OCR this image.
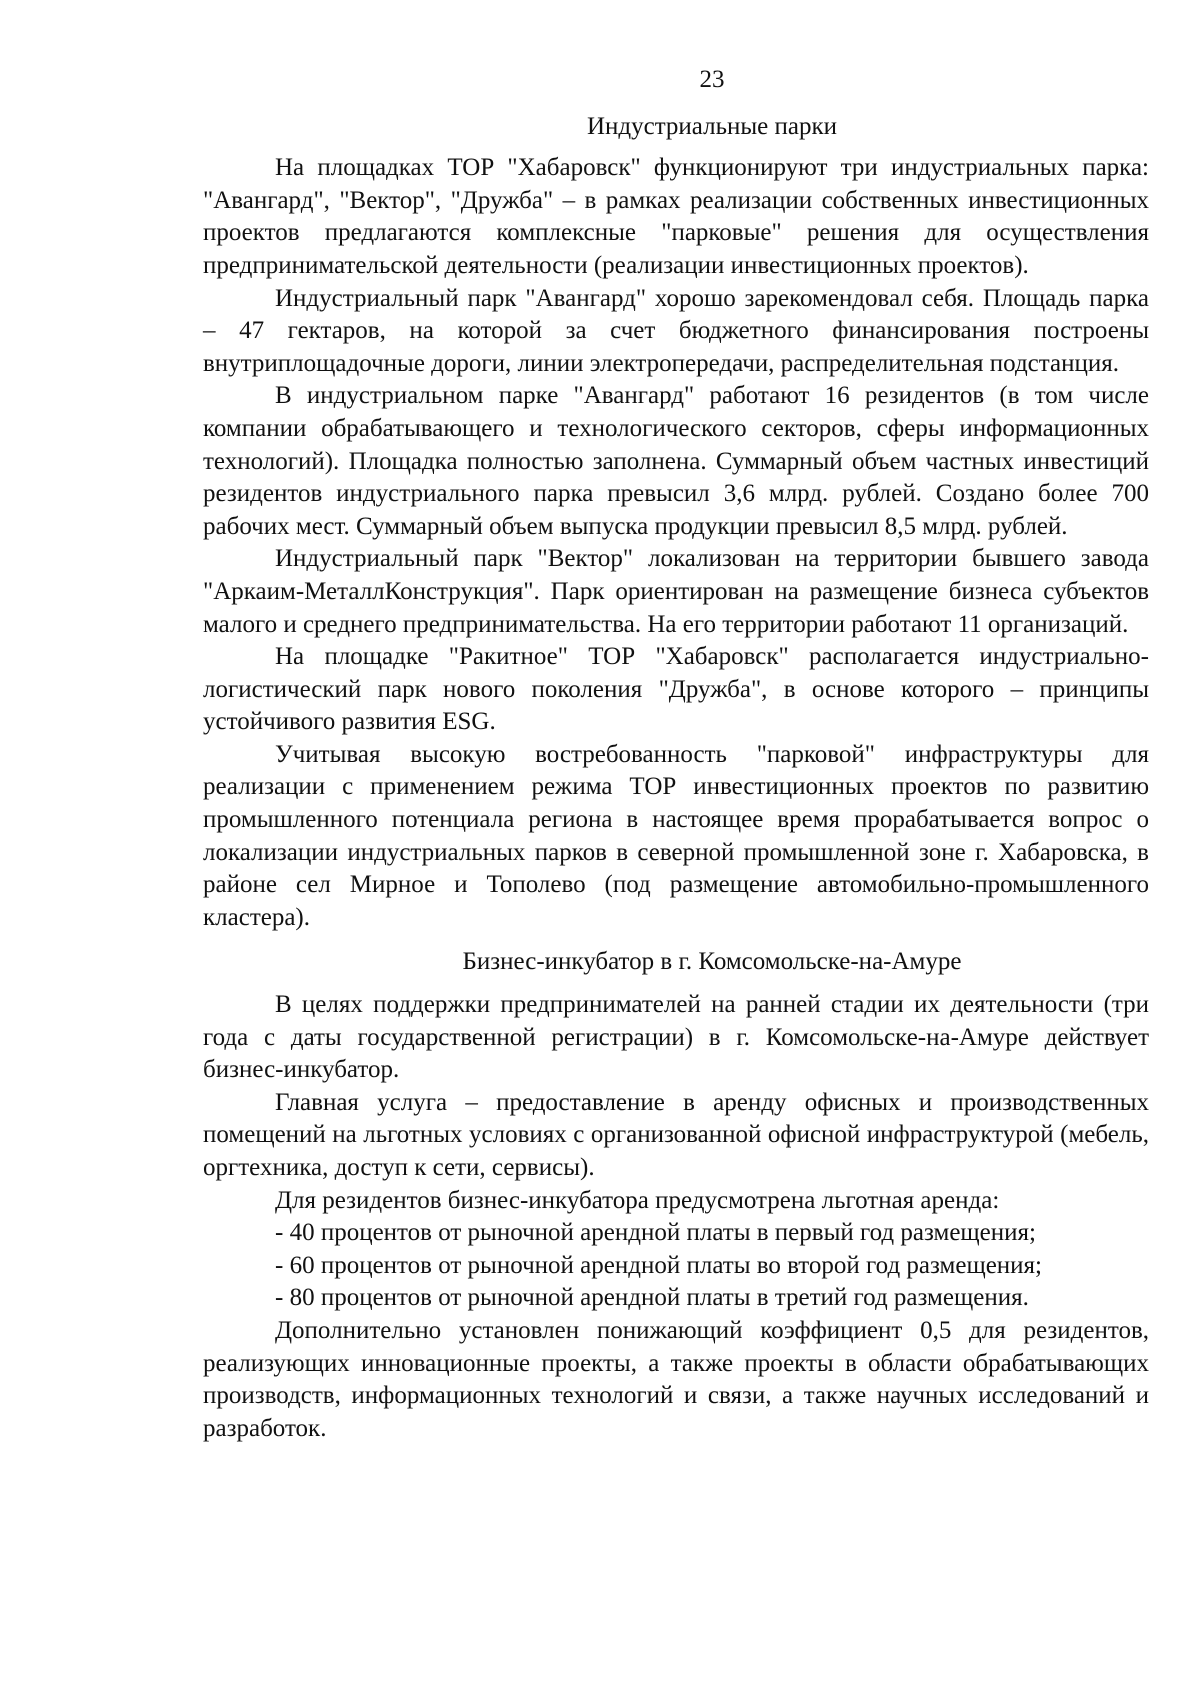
23
Индустриальные парки

На площадках ТОР "Хабаровск" функционируют три индустриальных парка: "Авангард", "Вектор", "Дружба" – в рамках реализации собственных инвестиционных проектов предлагаются комплексные "парковые" решения для осуществления предпринимательской деятельности (реализации инвестиционных проектов).

Индустриальный парк "Авангард" хорошо зарекомендовал себя. Площадь парка – 47 гектаров, на которой за счет бюджетного финансирования построены внутриплощадочные дороги, линии электропередачи, распределительная подстанция.

В индустриальном парке "Авангард" работают 16 резидентов (в том числе компании обрабатывающего и технологического секторов, сферы информационных технологий). Площадка полностью заполнена. Суммарный объем частных инвестиций резидентов индустриального парка превысил 3,6 млрд. рублей. Создано более 700 рабочих мест. Суммарный объем выпуска продукции превысил 8,5 млрд. рублей.

Индустриальный парк "Вектор" локализован на территории бывшего завода "Аркаим-МеталлКонструкция". Парк ориентирован на размещение бизнеса субъектов малого и среднего предпринимательства. На его территории работают 11 организаций.

На площадке "Ракитное" ТОР "Хабаровск" располагается индустриально-логистический парк нового поколения "Дружба", в основе которого – принципы устойчивого развития ESG.

Учитывая высокую востребованность "парковой" инфраструктуры для реализации с применением режима ТОР инвестиционных проектов по развитию промышленного потенциала региона в настоящее время прорабатывается вопрос о локализации индустриальных парков в северной промышленной зоне г. Хабаровска, в районе сел Мирное и Тополево (под размещение автомобильно-промышленного кластера).

Бизнес-инкубатор в г. Комсомольске-на-Амуре

В целях поддержки предпринимателей на ранней стадии их деятельности (три года с даты государственной регистрации) в г. Комсомольске-на-Амуре действует бизнес-инкубатор.

Главная услуга – предоставление в аренду офисных и производственных помещений на льготных условиях с организованной офисной инфраструктурой (мебель, оргтехника, доступ к сети, сервисы).

Для резидентов бизнес-инкубатора предусмотрена льготная аренда:

- 40 процентов от рыночной арендной платы в первый год размещения;

- 60 процентов от рыночной арендной платы во второй год размещения;

- 80 процентов от рыночной арендной платы в третий год размещения.

Дополнительно установлен понижающий коэффициент 0,5 для резидентов, реализующих инновационные проекты, а также проекты в области обрабатывающих производств, информационных технологий и связи, а также научных исследований и разработок.
